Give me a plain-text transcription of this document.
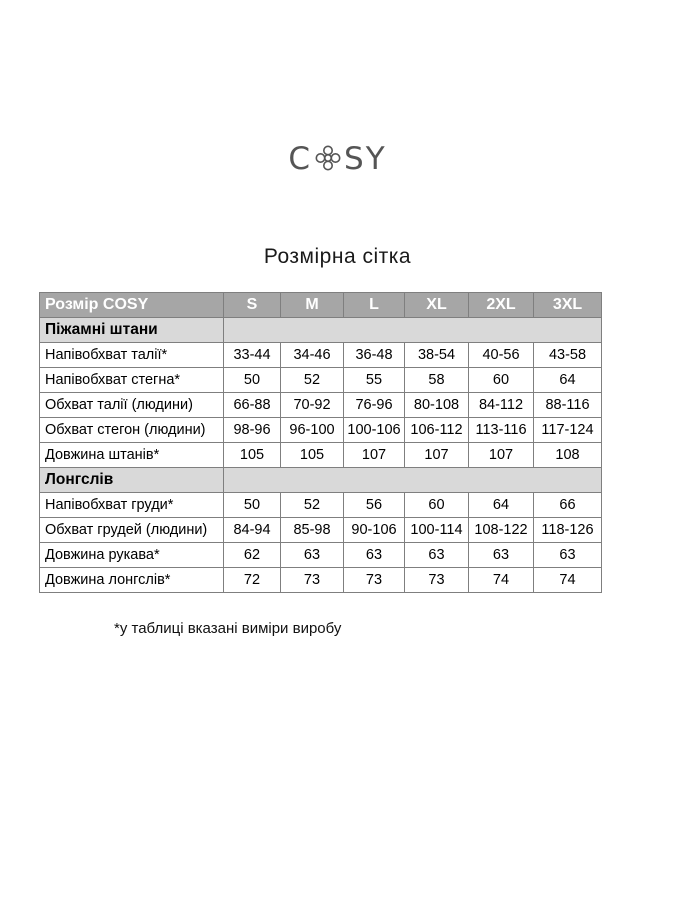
C SY
Розмірна сітка
Розмір COSY	S	M	L	XL	2XL	3XL
Піжамні штани						
Напівобхват талії*	33-44	34-46	36-48	38-54	40-56	43-58
Напівобхват стегна*	50	52	55	58	60	64
Обхват талії (людини)	66-88	70-92	76-96	80-108	84-112	88-116
Обхват стегон (людини)	98-96	96-100	100-106	106-112	113-116	117-124
Довжина штанів*	105	105	107	107	107	108
Лонгслів						
Напівобхват груди*	50	52	56	60	64	66
Обхват грудей (людини)	84-94	85-98	90-106	100-114	108-122	118-126
Довжина рукава*	62	63	63	63	63	63
Довжина лонгслів*	72	73	73	73	74	74
*у таблиці вказані виміри виробу
